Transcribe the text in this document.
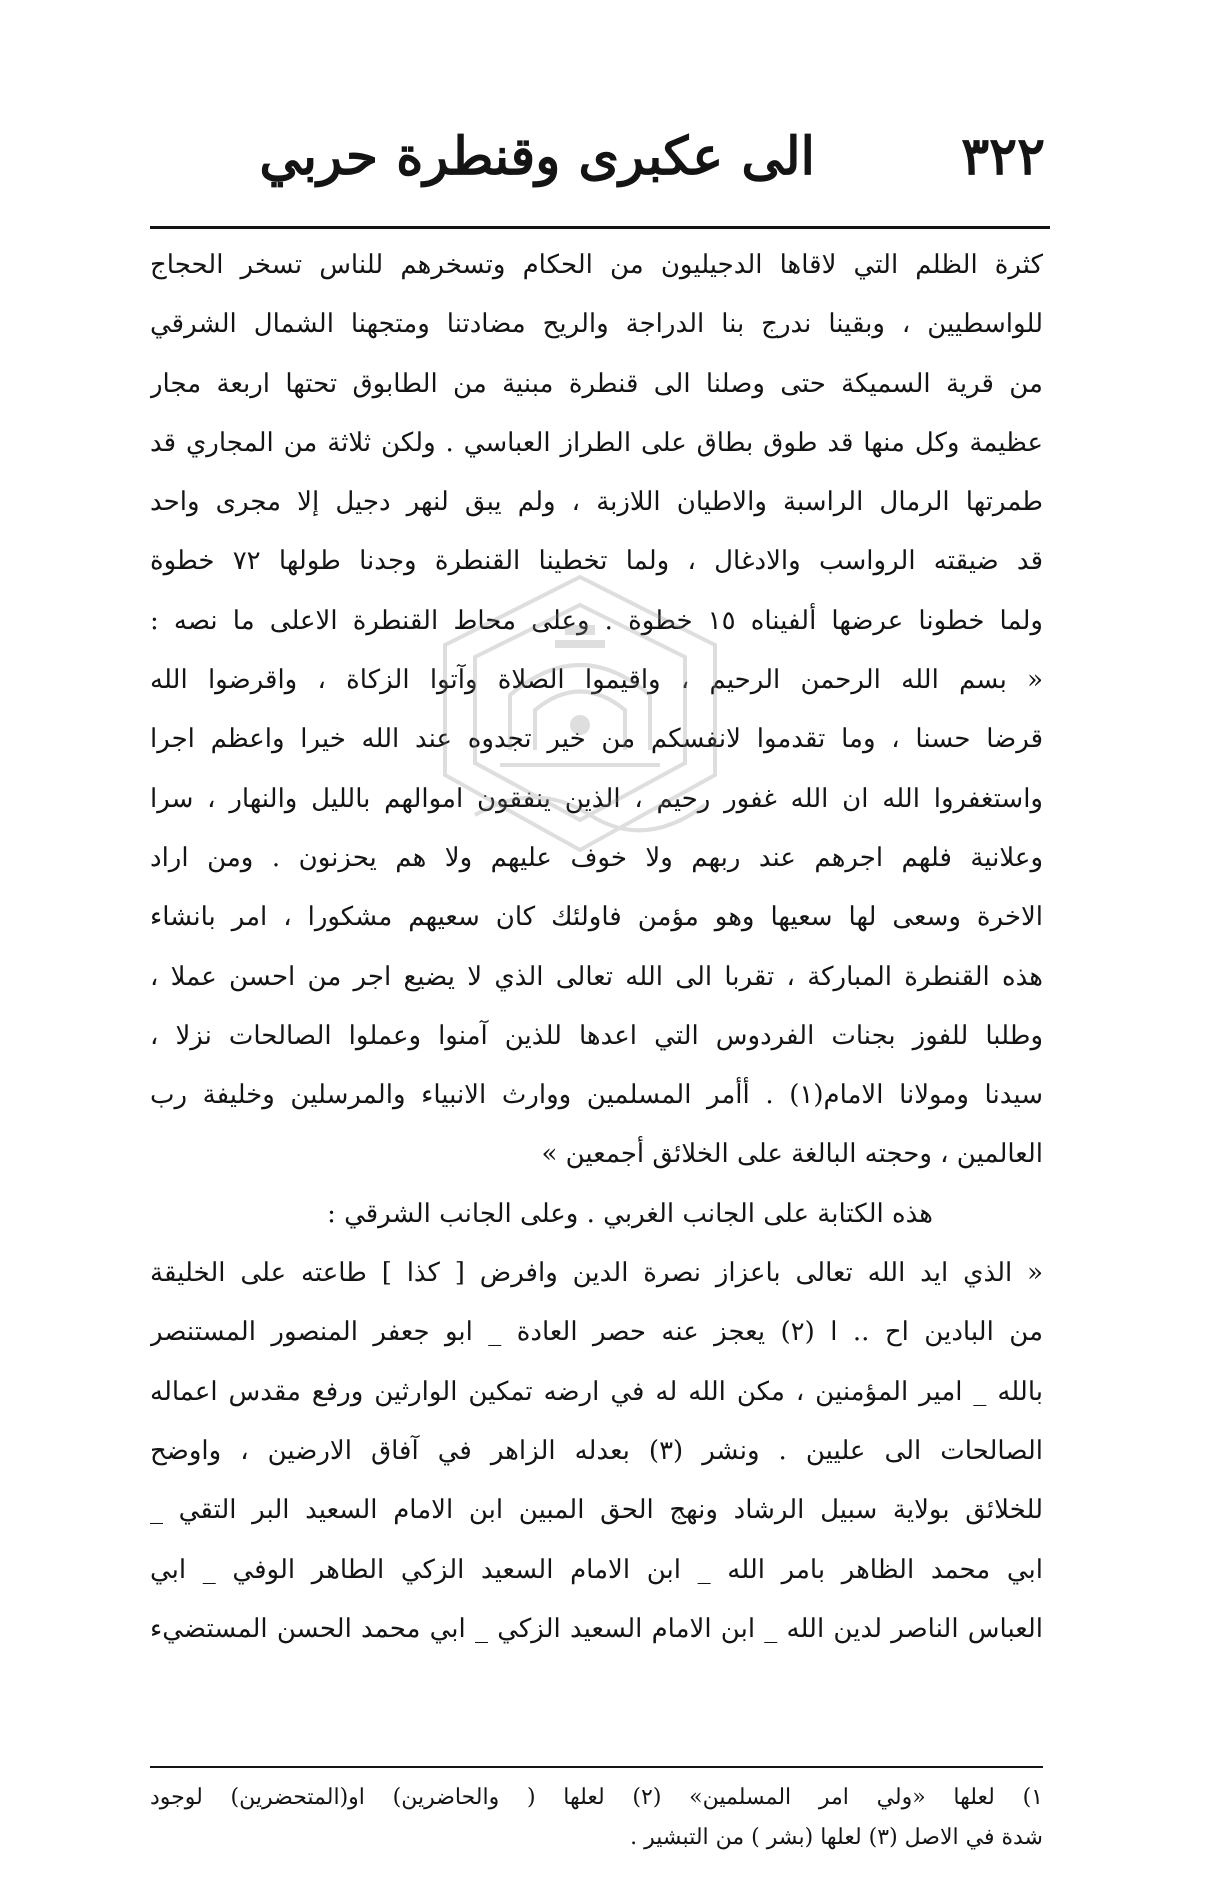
٣٢٢
الى عكبرى وقنطرة حربي
كثرة الظلم التي لاقاها الدجيليون من الحكام وتسخرهم للناس تسخر الحجاج
للواسطيين ، وبقينا ندرج بنا الدراجة والريح مضادتنا ومتجهنا الشمال الشرقي
من قرية السميكة حتى وصلنا الى قنطرة مبنية من الطابوق تحتها اربعة مجار
عظيمة وكل منها قد طوق بطاق على الطراز العباسي . ولكن ثلاثة من المجاري قد
طمرتها الرمال الراسبة والاطيان اللازبة ، ولم يبق لنهر دجيل إلا مجرى واحد
قد ضيقته الرواسب والادغال ، ولما تخطينا القنطرة وجدنا طولها ٧٢ خطوة
ولما خطونا عرضها ألفيناه ١٥ خطوة . وعلى محاط القنطرة الاعلى ما نصه :
« بسم الله الرحمن الرحيم ، واقيموا الصلاة وآتوا الزكاة ، واقرضوا الله
قرضا حسنا ، وما تقدموا لانفسكم من خير تجدوه عند الله خيرا واعظم اجرا
واستغفروا الله ان الله غفور رحيم ، الذين ينفقون اموالهم بالليل والنهار ، سرا
وعلانية فلهم اجرهم عند ربهم ولا خوف عليهم ولا هم يحزنون . ومن اراد
الاخرة وسعى لها سعيها وهو مؤمن فاولئك كان سعيهم مشكورا ، امر بانشاء
هذه القنطرة المباركة ، تقربا الى الله تعالى الذي لا يضيع اجر من احسن عملا ،
وطلبا للفوز بجنات الفردوس التي اعدها للذين آمنوا وعملوا الصالحات نزلا ،
سيدنا ومولانا الامام(١) . أأمر المسلمين ووارث الانبياء والمرسلين وخليفة رب
العالمين ، وحجته البالغة على الخلائق أجمعين »
هذه الكتابة على الجانب الغربي . وعلى الجانب الشرقي :
« الذي ايد الله تعالى باعزاز نصرة الدين وافرض [ كذا ] طاعته على الخليقة
من البادين اح .. ا (٢) يعجز عنه حصر العادة _ ابو جعفر المنصور المستنصر
بالله _ امير المؤمنين ، مكن الله له في ارضه تمكين الوارثين ورفع مقدس اعماله
الصالحات الى عليين . ونشر (٣) بعدله الزاهر في آفاق الارضين ، واوضح
للخلائق بولاية سبيل الرشاد ونهج الحق المبين ابن الامام السعيد البر التقي _
ابي محمد الظاهر بامر الله _ ابن الامام السعيد الزكي الطاهر الوفي _ ابي
العباس الناصر لدين الله _ ابن الامام السعيد الزكي _ ابي محمد الحسن المستضيء
١) لعلها «ولي امر المسلمين» (٢) لعلها ( والحاضرين) او(المتحضرين) لوجود
شدة في الاصل (٣) لعلها (بشر ) من التبشير .
